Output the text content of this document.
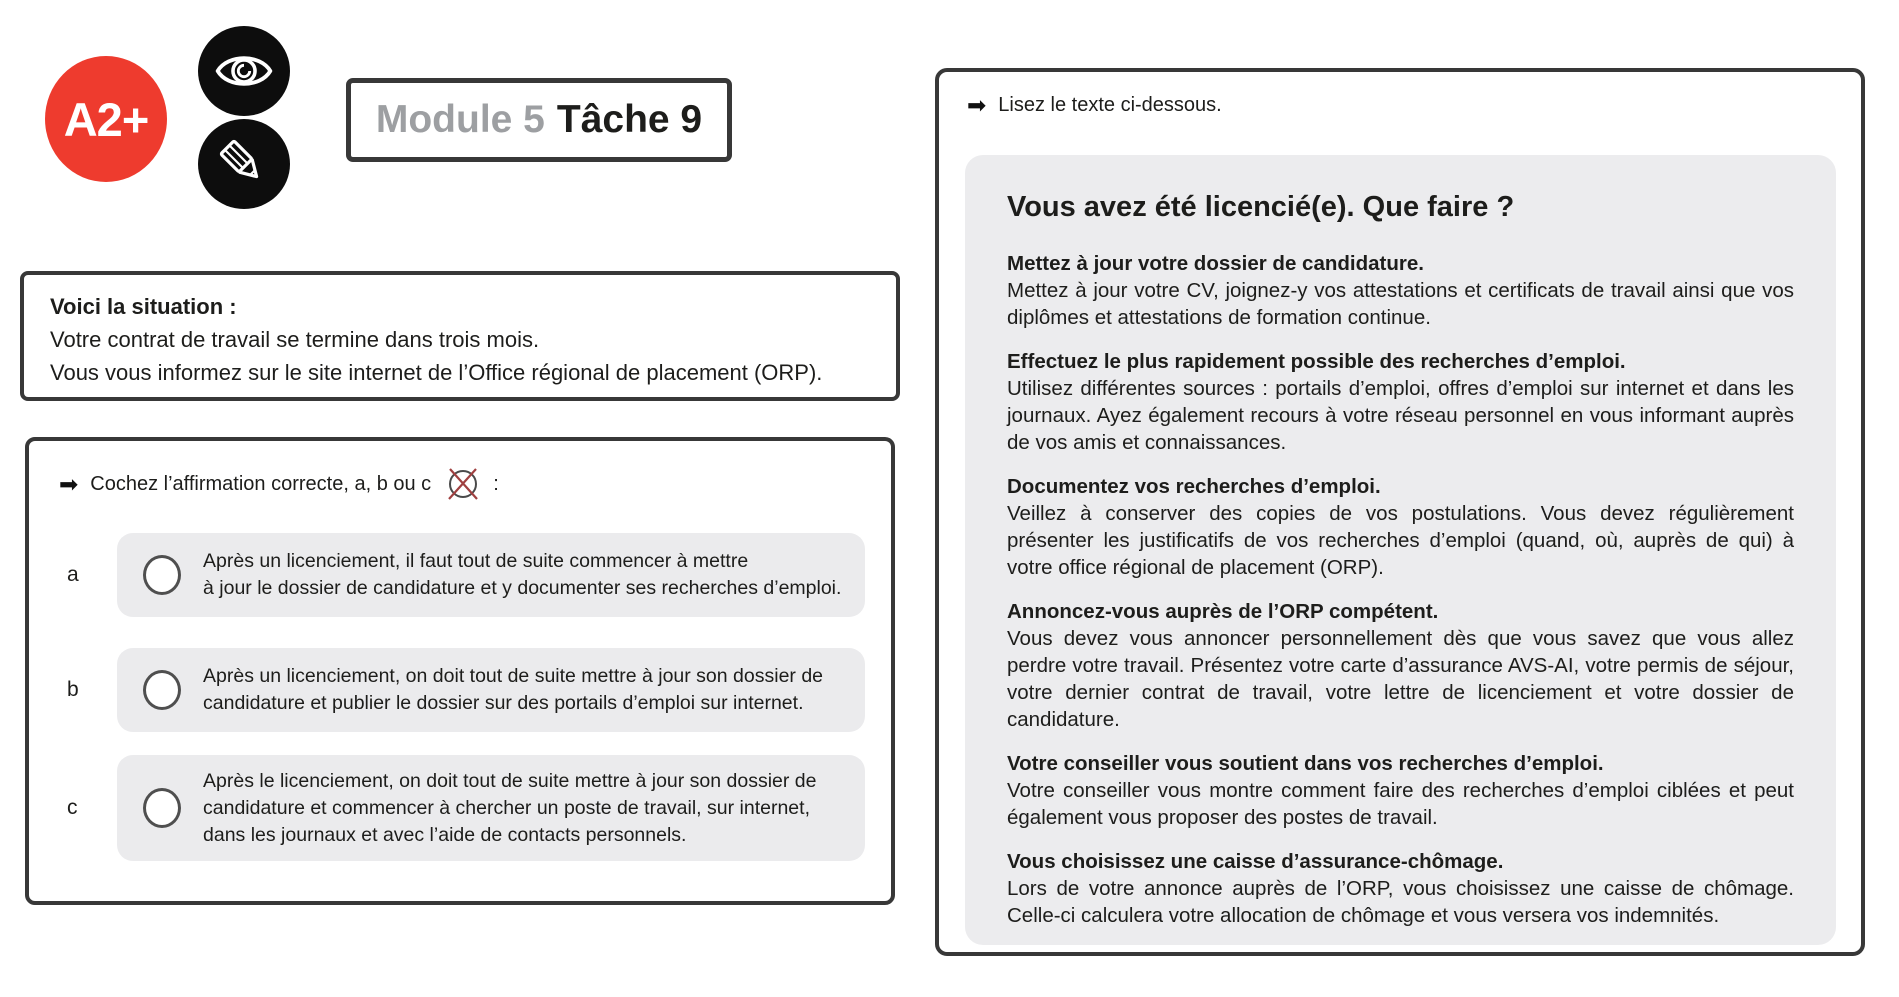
A2+	Module 5 Tâche 9
Voici la situation :
Votre contrat de travail se termine dans trois mois.
Vous vous informez sur le site internet de l’Office régional de placement (ORP).
➡ Cochez l’affirmation correcte, a, b ou c	:
a
Après un licenciement, il faut tout de suite commencer à mettre
à jour le dossier de candidature et y documenter ses recherches d’emploi.
b
Après un licenciement, on doit tout de suite mettre à jour son dossier de
candidature et publier le dossier sur des portails d’emploi sur internet.
c
Après le licenciement, on doit tout de suite mettre à jour son dossier de
candidature et commencer à chercher un poste de travail, sur internet,
dans les journaux et avec l’aide de contacts personnels.
➡ Lisez le texte ci-dessous.
Vous avez été licencié(e). Que faire ?
Mettez à jour votre dossier de candidature.

Mettez à jour votre CV, joignez-y vos attestations et certificats de travail ainsi que vos diplômes et attestations de formation continue.

Effectuez le plus rapidement possible des recherches d’emploi.

Utilisez différentes sources : portails d’emploi, offres d’emploi sur internet et dans les journaux. Ayez également recours à votre réseau personnel en vous informant auprès de vos amis et connaissances.

Documentez vos recherches d’emploi.

Veillez à conserver des copies de vos postulations. Vous devez régulièrement présenter les justificatifs de vos recherches d’emploi (quand, où, auprès de qui) à votre office régional de placement (ORP).

Annoncez-vous auprès de l’ORP compétent.

Vous devez vous annoncer personnellement dès que vous savez que vous allez perdre votre travail. Présentez votre carte d’assurance AVS-AI, votre permis de séjour, votre dernier contrat de travail, votre lettre de licenciement et votre dossier de candidature.

Votre conseiller vous soutient dans vos recherches d’emploi.

Votre conseiller vous montre comment faire des recherches d’emploi ciblées et peut également vous proposer des postes de travail.

Vous choisissez une caisse d’assurance-chômage.

Lors de votre annonce auprès de l’ORP, vous choisissez une caisse de chômage. Celle-ci calculera votre allocation de chômage et vous versera vos indemnités.
